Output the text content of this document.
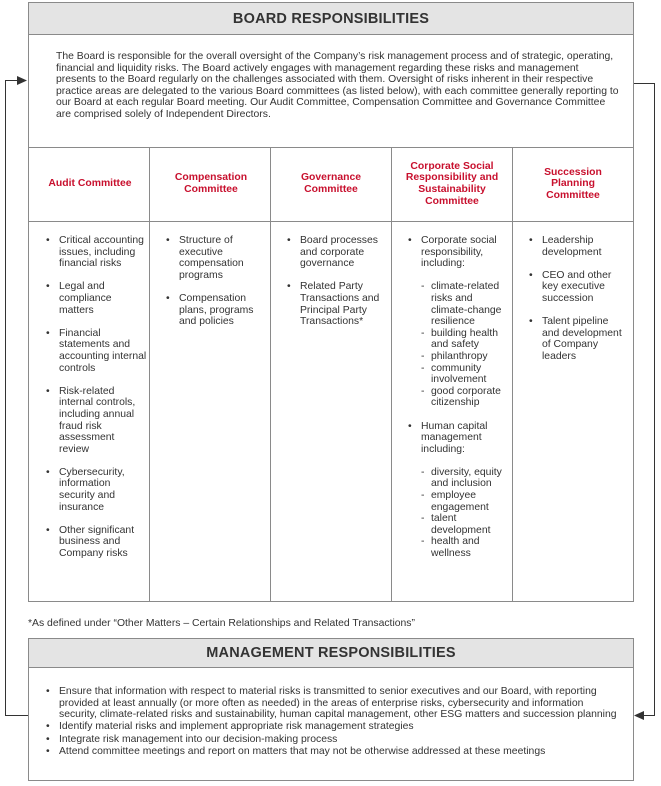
BOARD RESPONSIBILITIES
The Board is responsible for the overall oversight of the Company’s risk management process and of strategic, operating, financial and liquidity risks. The Board actively engages with management regarding these risks and management presents to the Board regularly on the challenges associated with them. Oversight of risks inherent in their respective practice areas are delegated to the various Board committees (as listed below), with each committee generally reporting to our Board at each regular Board meeting. Our Audit Committee, Compensation Committee and Governance Committee are comprised solely of Independent Directors.
Audit Committee
Compensation Committee
Governance Committee
Corporate Social Responsibility and Sustainability Committee
Succession Planning Committee
• Critical accounting issues, including financial risks
• Legal and compliance matters
• Financial statements and accounting internal controls
• Risk-related internal controls, including annual fraud risk assessment review
• Cybersecurity, information security and insurance
• Other significant business and Company risks
• Structure of executive compensation programs
• Compensation plans, programs and policies
• Board processes and corporate governance
• Related Party Transactions and Principal Party Transactions*
• Corporate social responsibility, including:
- climate-related risks and climate-change resilience
- building health and safety
- philanthropy
- community involvement
- good corporate citizenship
• Human capital management including:
- diversity, equity and inclusion
- employee engagement
- talent development
- health and wellness
• Leadership development
• CEO and other key executive succession
• Talent pipeline and development of Company leaders
*As defined under “Other Matters – Certain Relationships and Related Transactions”
MANAGEMENT RESPONSIBILITIES
• Ensure that information with respect to material risks is transmitted to senior executives and our Board, with reporting provided at least annually (or more often as needed) in the areas of enterprise risks, cybersecurity and information security, climate-related risks and sustainability, human capital management, other ESG matters and succession planning
• Identify material risks and implement appropriate risk management strategies
• Integrate risk management into our decision-making process
• Attend committee meetings and report on matters that may not be otherwise addressed at these meetings
